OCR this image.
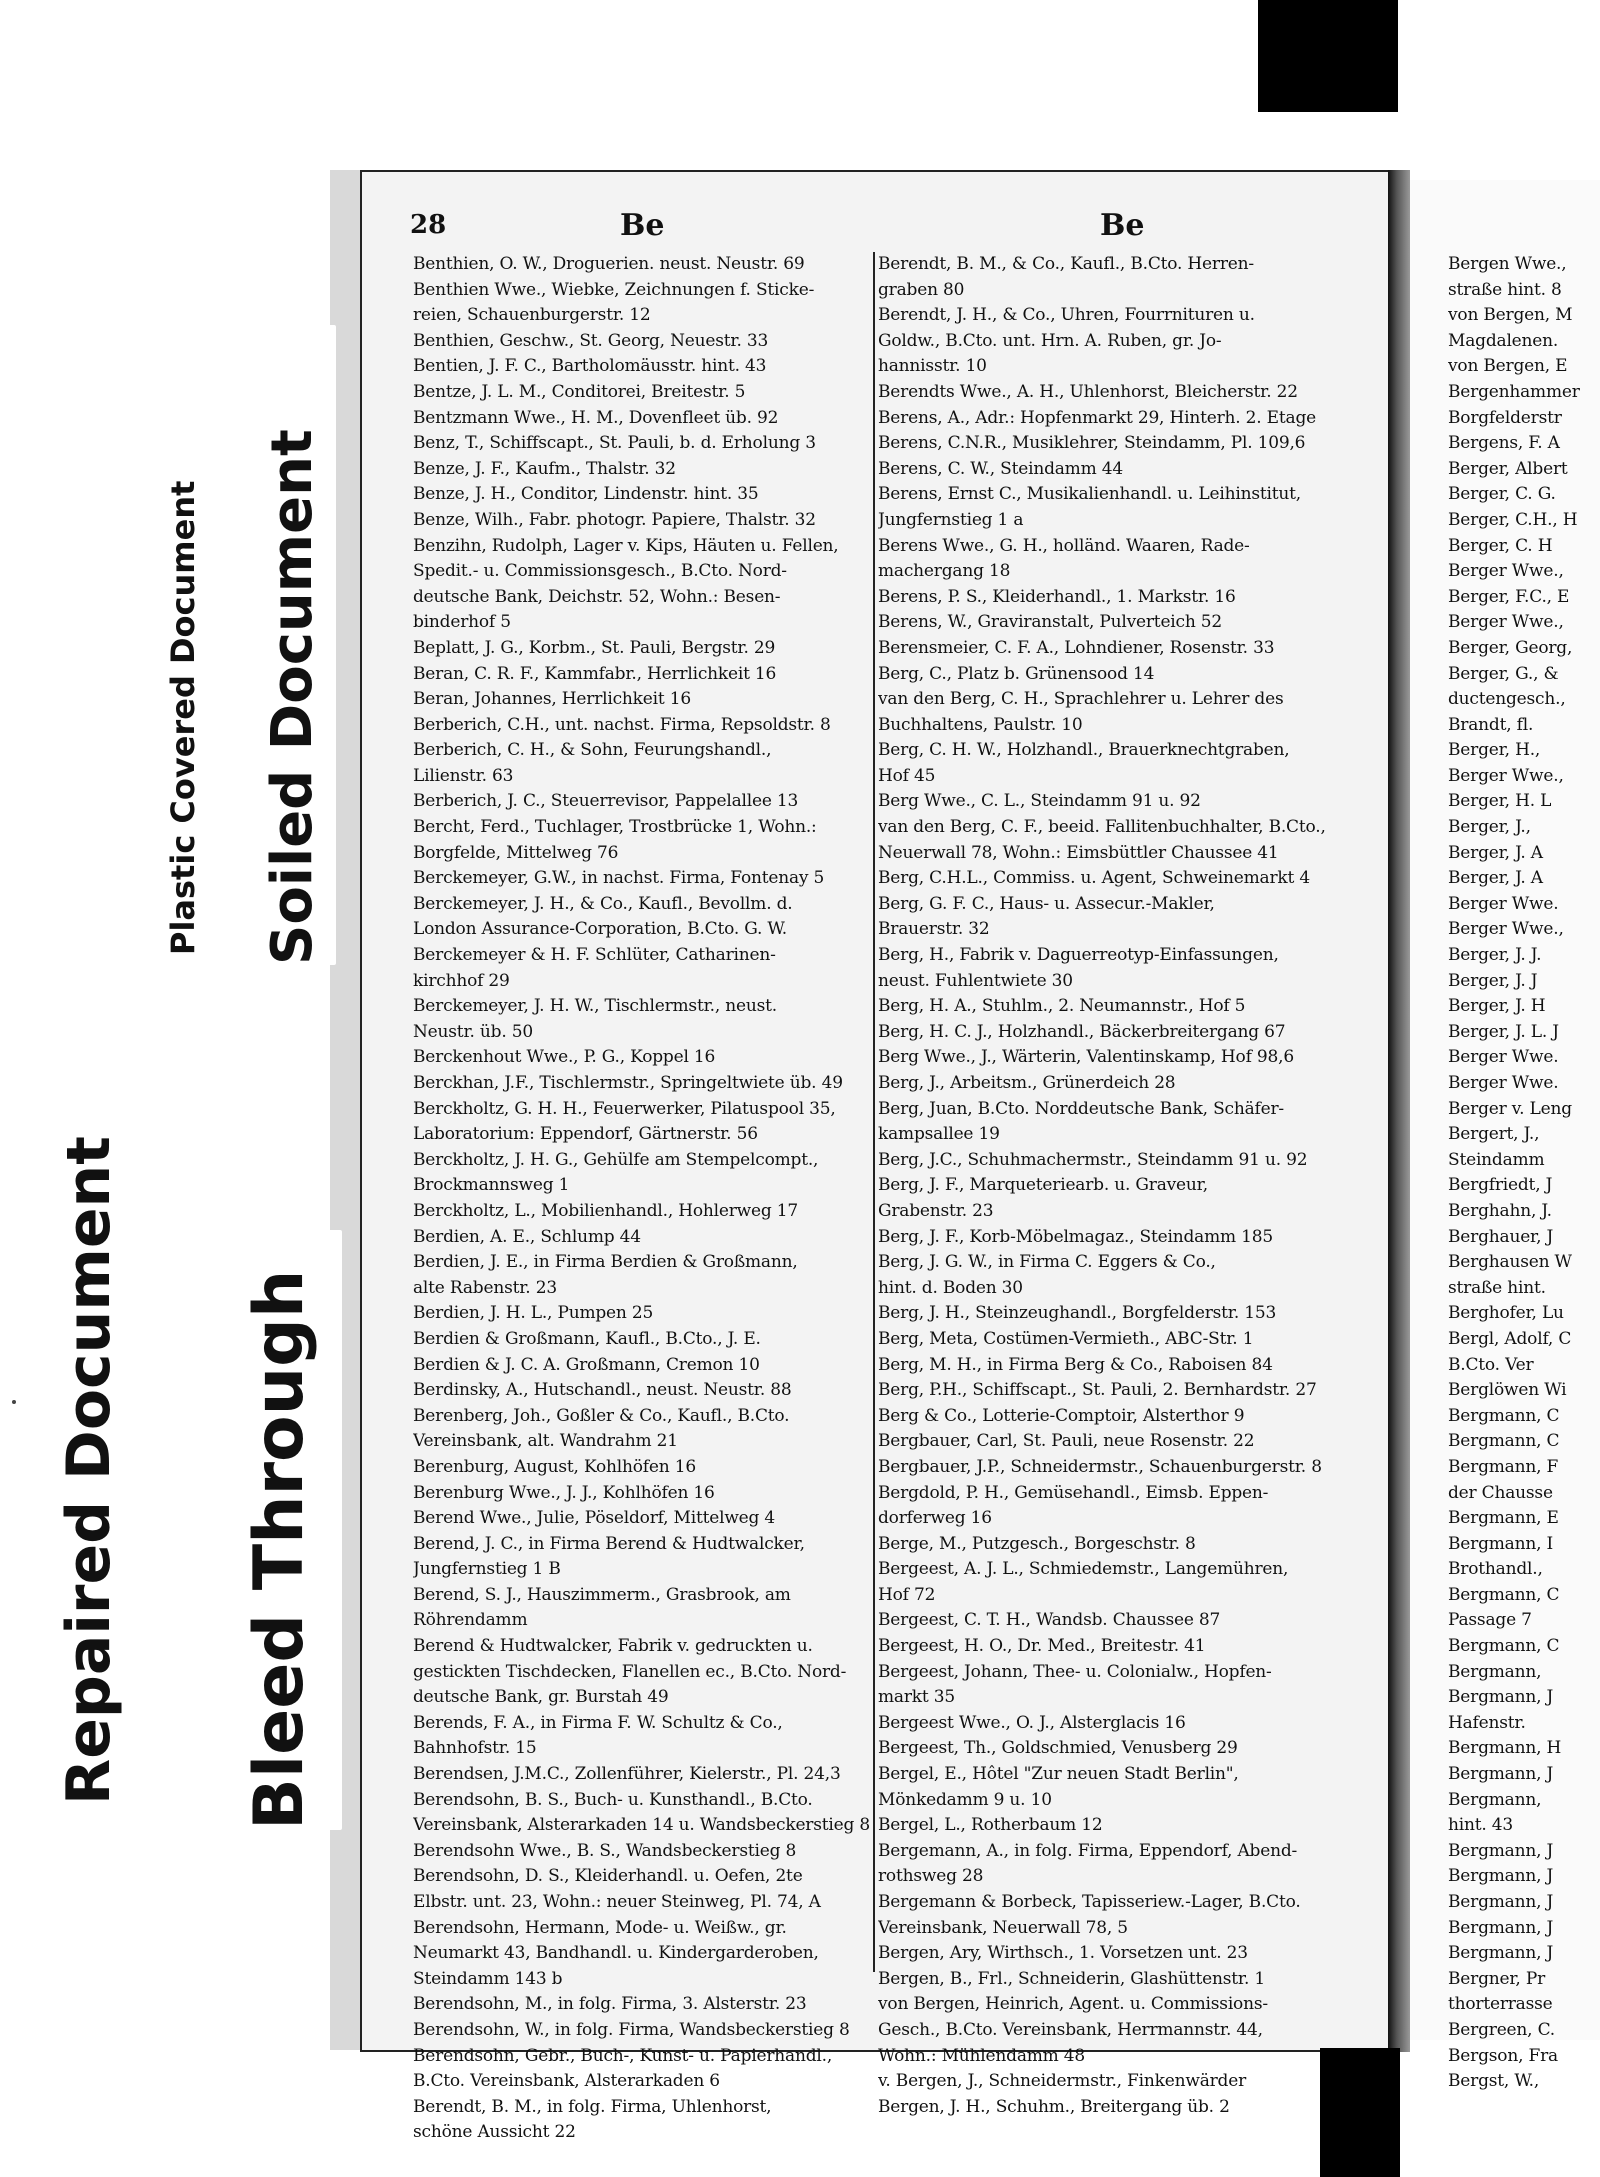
28	Be	Be
Benthien, O. W., Droguerien. neust. Neustr. 69
Benthien Wwe., Wiebke, Zeichnungen f. Sticke-
reien, Schauenburgerstr. 12
Benthien, Geschw., St. Georg, Neuestr. 33
Bentien, J. F. C., Bartholomäusstr. hint. 43
Bentze, J. L. M., Conditorei, Breitestr. 5
Bentzmann Wwe., H. M., Dovenfleet üb. 92
Benz, T., Schiffscapt., St. Pauli, b. d. Erholung 3
Benze, J. F., Kaufm., Thalstr. 32
Benze, J. H., Conditor, Lindenstr. hint. 35
Benze, Wilh., Fabr. photogr. Papiere, Thalstr. 32
Benzihn, Rudolph, Lager v. Kips, Häuten u. Fellen,
Spedit.- u. Commissionsgesch., B.Cto. Nord-
deutsche Bank, Deichstr. 52, Wohn.: Besen-
binderhof 5
Beplatt, J. G., Korbm., St. Pauli, Bergstr. 29
Beran, C. R. F., Kammfabr., Herrlichkeit 16
Beran, Johannes, Herrlichkeit 16
Berberich, C.H., unt. nachst. Firma, Repsoldstr. 8
Berberich, C. H., & Sohn, Feurungshandl.,
Lilienstr. 63
Berberich, J. C., Steuerrevisor, Pappelallee 13
Bercht, Ferd., Tuchlager, Trostbrücke 1, Wohn.:
Borgfelde, Mittelweg 76
Berckemeyer, G.W., in nachst. Firma, Fontenay 5
Berckemeyer, J. H., & Co., Kaufl., Bevollm. d.
London Assurance-Corporation, B.Cto. G. W.
Berckemeyer & H. F. Schlüter, Catharinen-
kirchhof 29
Berckemeyer, J. H. W., Tischlermstr., neust.
Neustr. üb. 50
Berckenhout Wwe., P. G., Koppel 16
Berckhan, J.F., Tischlermstr., Springeltwiete üb. 49
Berckholtz, G. H. H., Feuerwerker, Pilatuspool 35,
Laboratorium: Eppendorf, Gärtnerstr. 56
Berckholtz, J. H. G., Gehülfe am Stempelcompt.,
Brockmannsweg 1
Berckholtz, L., Mobilienhandl., Hohlerweg 17
Berdien, A. E., Schlump 44
Berdien, J. E., in Firma Berdien & Großmann,
alte Rabenstr. 23
Berdien, J. H. L., Pumpen 25
Berdien & Großmann, Kaufl., B.Cto., J. E.
Berdien & J. C. A. Großmann, Cremon 10
Berdinsky, A., Hutschandl., neust. Neustr. 88
Berenberg, Joh., Goßler & Co., Kaufl., B.Cto.
Vereinsbank, alt. Wandrahm 21
Berenburg, August, Kohlhöfen 16
Berenburg Wwe., J. J., Kohlhöfen 16
Berend Wwe., Julie, Pöseldorf, Mittelweg 4
Berend, J. C., in Firma Berend & Hudtwalcker,
Jungfernstieg 1 B
Berend, S. J., Hauszimmerm., Grasbrook, am
Röhrendamm
Berend & Hudtwalcker, Fabrik v. gedruckten u.
gestickten Tischdecken, Flanellen ec., B.Cto. Nord-
deutsche Bank, gr. Burstah 49
Berends, F. A., in Firma F. W. Schultz & Co.,
Bahnhofstr. 15
Berendsen, J.M.C., Zollenführer, Kielerstr., Pl. 24,3
Berendsohn, B. S., Buch- u. Kunsthandl., B.Cto.
Vereinsbank, Alsterarkaden 14 u. Wandsbeckerstieg 8
Berendsohn Wwe., B. S., Wandsbeckerstieg 8
Berendsohn, D. S., Kleiderhandl. u. Oefen, 2te
Elbstr. unt. 23, Wohn.: neuer Steinweg, Pl. 74, A
Berendsohn, Hermann, Mode- u. Weißw., gr.
Neumarkt 43, Bandhandl. u. Kindergarderoben,
Steindamm 143 b
Berendsohn, M., in folg. Firma, 3. Alsterstr. 23
Berendsohn, W., in folg. Firma, Wandsbeckerstieg 8
Berendsohn, Gebr., Buch-, Kunst- u. Papierhandl.,
B.Cto. Vereinsbank, Alsterarkaden 6
Berendt, B. M., in folg. Firma, Uhlenhorst,
schöne Aussicht 22
Berendt, B. M., & Co., Kaufl., B.Cto. Herren-
graben 80
Berendt, J. H., & Co., Uhren, Fourrnituren u.
Goldw., B.Cto. unt. Hrn. A. Ruben, gr. Jo-
hannisstr. 10
Berendts Wwe., A. H., Uhlenhorst, Bleicherstr. 22
Berens, A., Adr.: Hopfenmarkt 29, Hinterh. 2. Etage
Berens, C.N.R., Musiklehrer, Steindamm, Pl. 109,6
Berens, C. W., Steindamm 44
Berens, Ernst C., Musikalienhandl. u. Leihinstitut,
Jungfernstieg 1 a
Berens Wwe., G. H., holländ. Waaren, Rade-
machergang 18
Berens, P. S., Kleiderhandl., 1. Markstr. 16
Berens, W., Graviranstalt, Pulverteich 52
Berensmeier, C. F. A., Lohndiener, Rosenstr. 33
Berg, C., Platz b. Grünensood 14
van den Berg, C. H., Sprachlehrer u. Lehrer des
Buchhaltens, Paulstr. 10
Berg, C. H. W., Holzhandl., Brauerknechtgraben,
Hof 45
Berg Wwe., C. L., Steindamm 91 u. 92
van den Berg, C. F., beeid. Fallitenbuchhalter, B.Cto.,
Neuerwall 78, Wohn.: Eimsbüttler Chaussee 41
Berg, C.H.L., Commiss. u. Agent, Schweinemarkt 4
Berg, G. F. C., Haus- u. Assecur.-Makler,
Brauerstr. 32
Berg, H., Fabrik v. Daguerreotyp-Einfassungen,
neust. Fuhlentwiete 30
Berg, H. A., Stuhlm., 2. Neumannstr., Hof 5
Berg, H. C. J., Holzhandl., Bäckerbreitergang 67
Berg Wwe., J., Wärterin, Valentinskamp, Hof 98,6
Berg, J., Arbeitsm., Grünerdeich 28
Berg, Juan, B.Cto. Norddeutsche Bank, Schäfer-
kampsallee 19
Berg, J.C., Schuhmachermstr., Steindamm 91 u. 92
Berg, J. F., Marqueteriearb. u. Graveur,
Grabenstr. 23
Berg, J. F., Korb-Möbelmagaz., Steindamm 185
Berg, J. G. W., in Firma C. Eggers & Co.,
hint. d. Boden 30
Berg, J. H., Steinzeughandl., Borgfelderstr. 153
Berg, Meta, Costümen-Vermieth., ABC-Str. 1
Berg, M. H., in Firma Berg & Co., Raboisen 84
Berg, P.H., Schiffscapt., St. Pauli, 2. Bernhardstr. 27
Berg & Co., Lotterie-Comptoir, Alsterthor 9
Bergbauer, Carl, St. Pauli, neue Rosenstr. 22
Bergbauer, J.P., Schneidermstr., Schauenburgerstr. 8
Bergdold, P. H., Gemüsehandl., Eimsb. Eppen-
dorferweg 16
Berge, M., Putzgesch., Borgeschstr. 8
Bergeest, A. J. L., Schmiedemstr., Langemühren,
Hof 72
Bergeest, C. T. H., Wandsb. Chaussee 87
Bergeest, H. O., Dr. Med., Breitestr. 41
Bergeest, Johann, Thee- u. Colonialw., Hopfen-
markt 35
Bergeest Wwe., O. J., Alsterglacis 16
Bergeest, Th., Goldschmied, Venusberg 29
Bergel, E., Hôtel "Zur neuen Stadt Berlin",
Mönkedamm 9 u. 10
Bergel, L., Rotherbaum 12
Bergemann, A., in folg. Firma, Eppendorf, Abend-
rothsweg 28
Bergemann & Borbeck, Tapisseriew.-Lager, B.Cto.
Vereinsbank, Neuerwall 78, 5
Bergen, Ary, Wirthsch., 1. Vorsetzen unt. 23
Bergen, B., Frl., Schneiderin, Glashüttenstr. 1
von Bergen, Heinrich, Agent. u. Commissions-
Gesch., B.Cto. Vereinsbank, Herrmannstr. 44,
Wohn.: Mühlendamm 48
v. Bergen, J., Schneidermstr., Finkenwärder
Bergen, J. H., Schuhm., Breitergang üb. 2
Bergen Wwe.,
straße hint. 8
von Bergen, M
Magdalenen.
von Bergen, E
Bergenhammer
Borgfelderstr
Bergens, F. A
Berger, Albert
Berger, C. G.
Berger, C.H., H
Berger, C. H
Berger Wwe.,
Berger, F.C., E
Berger Wwe.,
Berger, Georg,
Berger, G., &
ductengesch.,
Brandt, fl.
Berger, H.,
Berger Wwe.,
Berger, H. L
Berger, J.,
Berger, J. A
Berger, J. A
Berger Wwe.
Berger Wwe.,
Berger, J. J.
Berger, J. J
Berger, J. H
Berger, J. L. J
Berger Wwe.
Berger Wwe.
Berger v. Leng
Bergert, J.,
Steindamm
Bergfriedt, J
Berghahn, J.
Berghauer, J
Berghausen W
straße hint.
Berghofer, Lu
Bergl, Adolf, C
B.Cto. Ver
Berglöwen Wi
Bergmann, C
Bergmann, C
Bergmann, F
der Chausse
Bergmann, E
Bergmann, I
Brothandl.,
Bergmann, C
Passage 7
Bergmann, C
Bergmann,
Bergmann, J
Hafenstr.
Bergmann, H
Bergmann, J
Bergmann,
hint. 43
Bergmann, J
Bergmann, J
Bergmann, J
Bergmann, J
Bergmann, J
Bergner, Pr
thorterrasse
Bergreen, C.
Bergson, Fra
Bergst, W.,
Plastic Covered Document Soiled Document
Repaired Document Bleed Through
